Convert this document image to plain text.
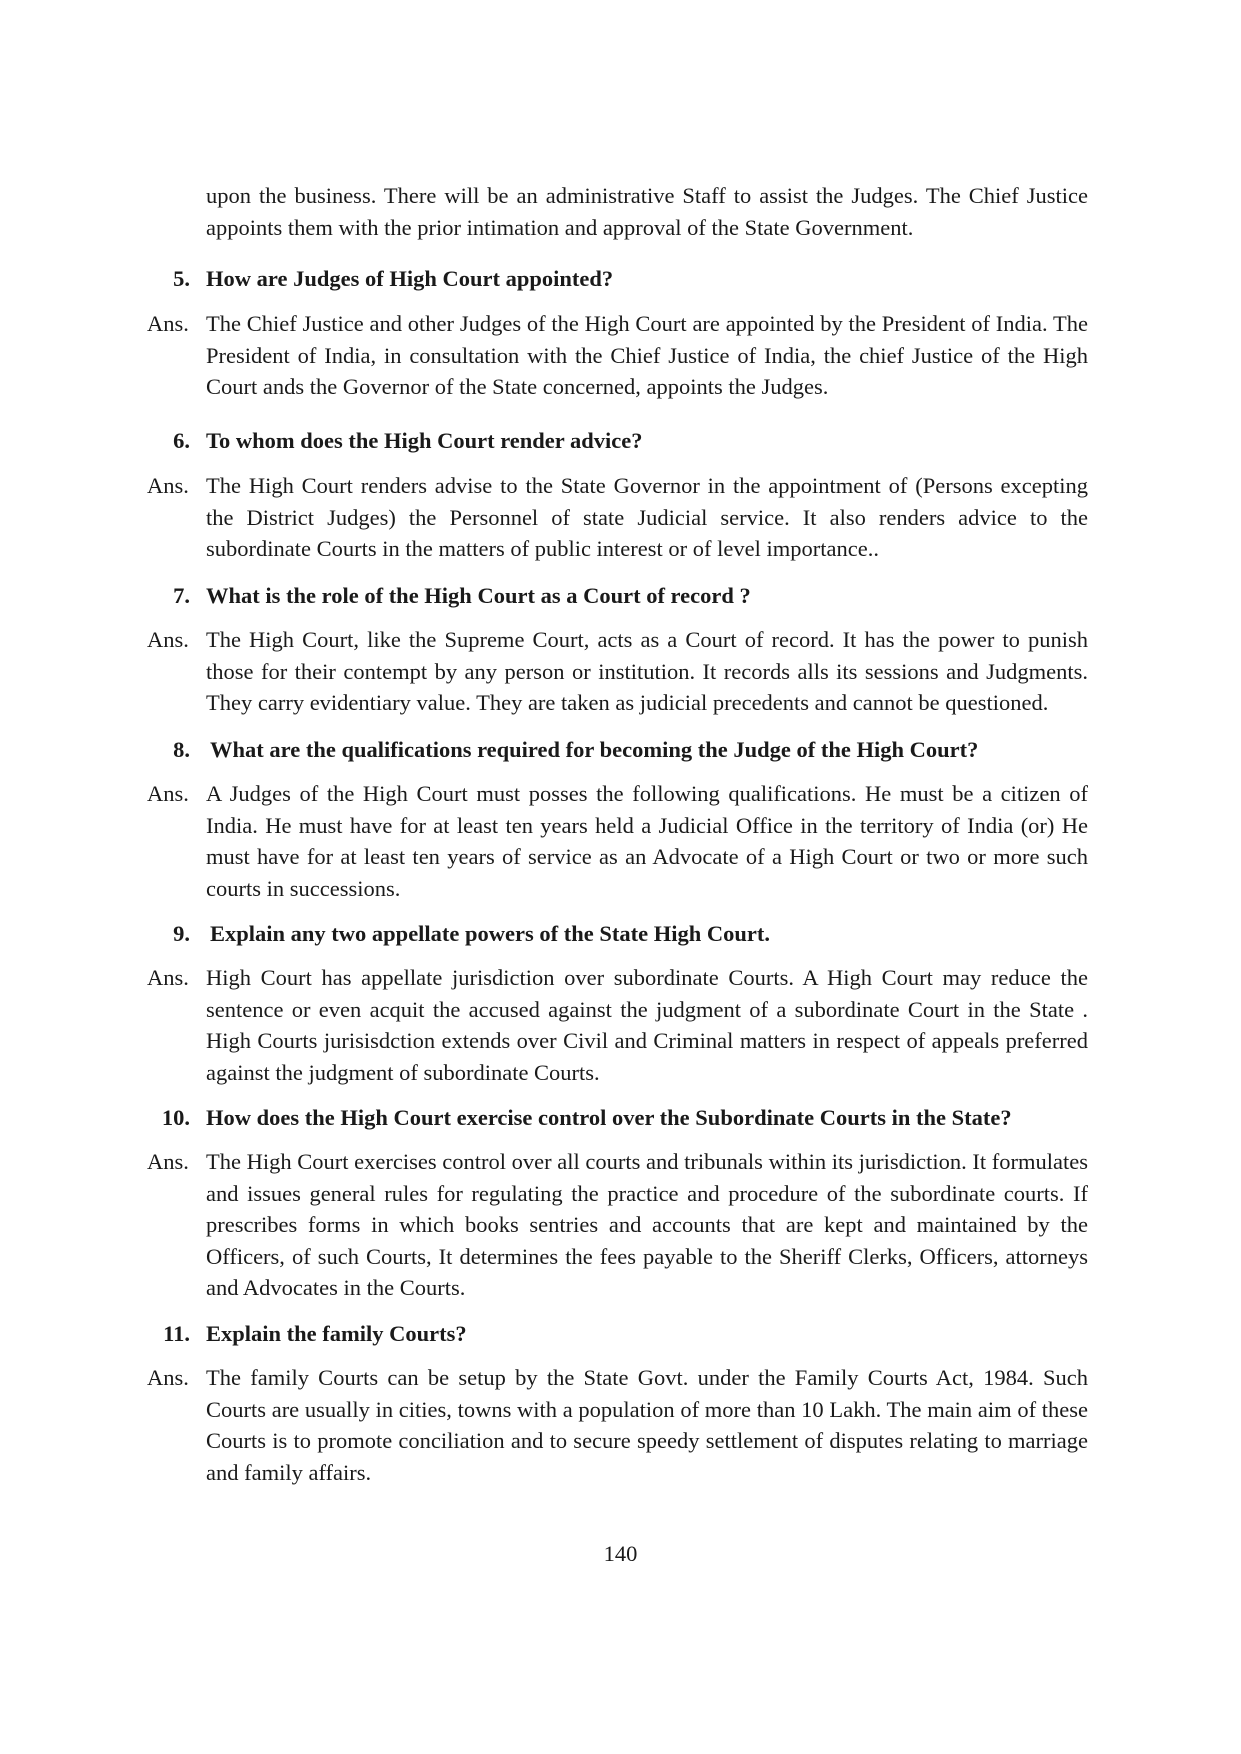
upon the business. There will be an administrative Staff to assist the Judges. The Chief Justice appoints them with the prior intimation and approval of the State Government.

5. How are Judges of High Court appointed?
Ans. The Chief Justice and other Judges of the High Court are appointed by the President of India. The President of India, in consultation with the Chief Justice of India, the chief Justice of the High Court ands the Governor of the State concerned, appoints the Judges.

6. To whom does the High Court render advice?
Ans. The High Court renders advise to the State Governor in the appointment of (Persons excepting the District Judges) the Personnel of state Judicial service. It also renders advice to the subordinate Courts in the matters of public interest or of level importance..

7. What is the role of the High Court as a Court of record ?
Ans. The High Court, like the Supreme Court, acts as a Court of record. It has the power to punish those for their contempt by any person or institution. It records alls its sessions and Judgments. They carry evidentiary value. They are taken as judicial precedents and cannot be questioned.

8. What are the qualifications required for becoming the Judge of the High Court?
Ans. A Judges of the High Court must posses the following qualifications. He must be a citizen of India. He must have for at least ten years held a Judicial Office in the territory of India (or) He must have for at least ten years of service as an Advocate of a High Court or two or more such courts in successions.

9. Explain any two appellate powers of the State High Court.
Ans. High Court has appellate jurisdiction over subordinate Courts. A High Court may reduce the sentence or even acquit the accused against the judgment of a subordinate Court in the State . High Courts jurisisdction extends over Civil and Criminal matters in respect of appeals preferred against the judgment of subordinate Courts.

10. How does the High Court exercise control over the Subordinate Courts in the State?
Ans. The High Court exercises control over all courts and tribunals within its jurisdiction. It formulates and issues general rules for regulating the practice and procedure of the subordinate courts. If prescribes forms in which books sentries and accounts that are kept and maintained by the Officers, of such Courts, It determines the fees payable to the Sheriff Clerks, Officers, attorneys and Advocates in the Courts.

11. Explain the family Courts?
Ans. The family Courts can be setup by the State Govt. under the Family Courts Act, 1984. Such Courts are usually in cities, towns with a population of more than 10 Lakh. The main aim of these Courts is to promote conciliation and to secure speedy settlement of disputes relating to marriage and family affairs.

140
